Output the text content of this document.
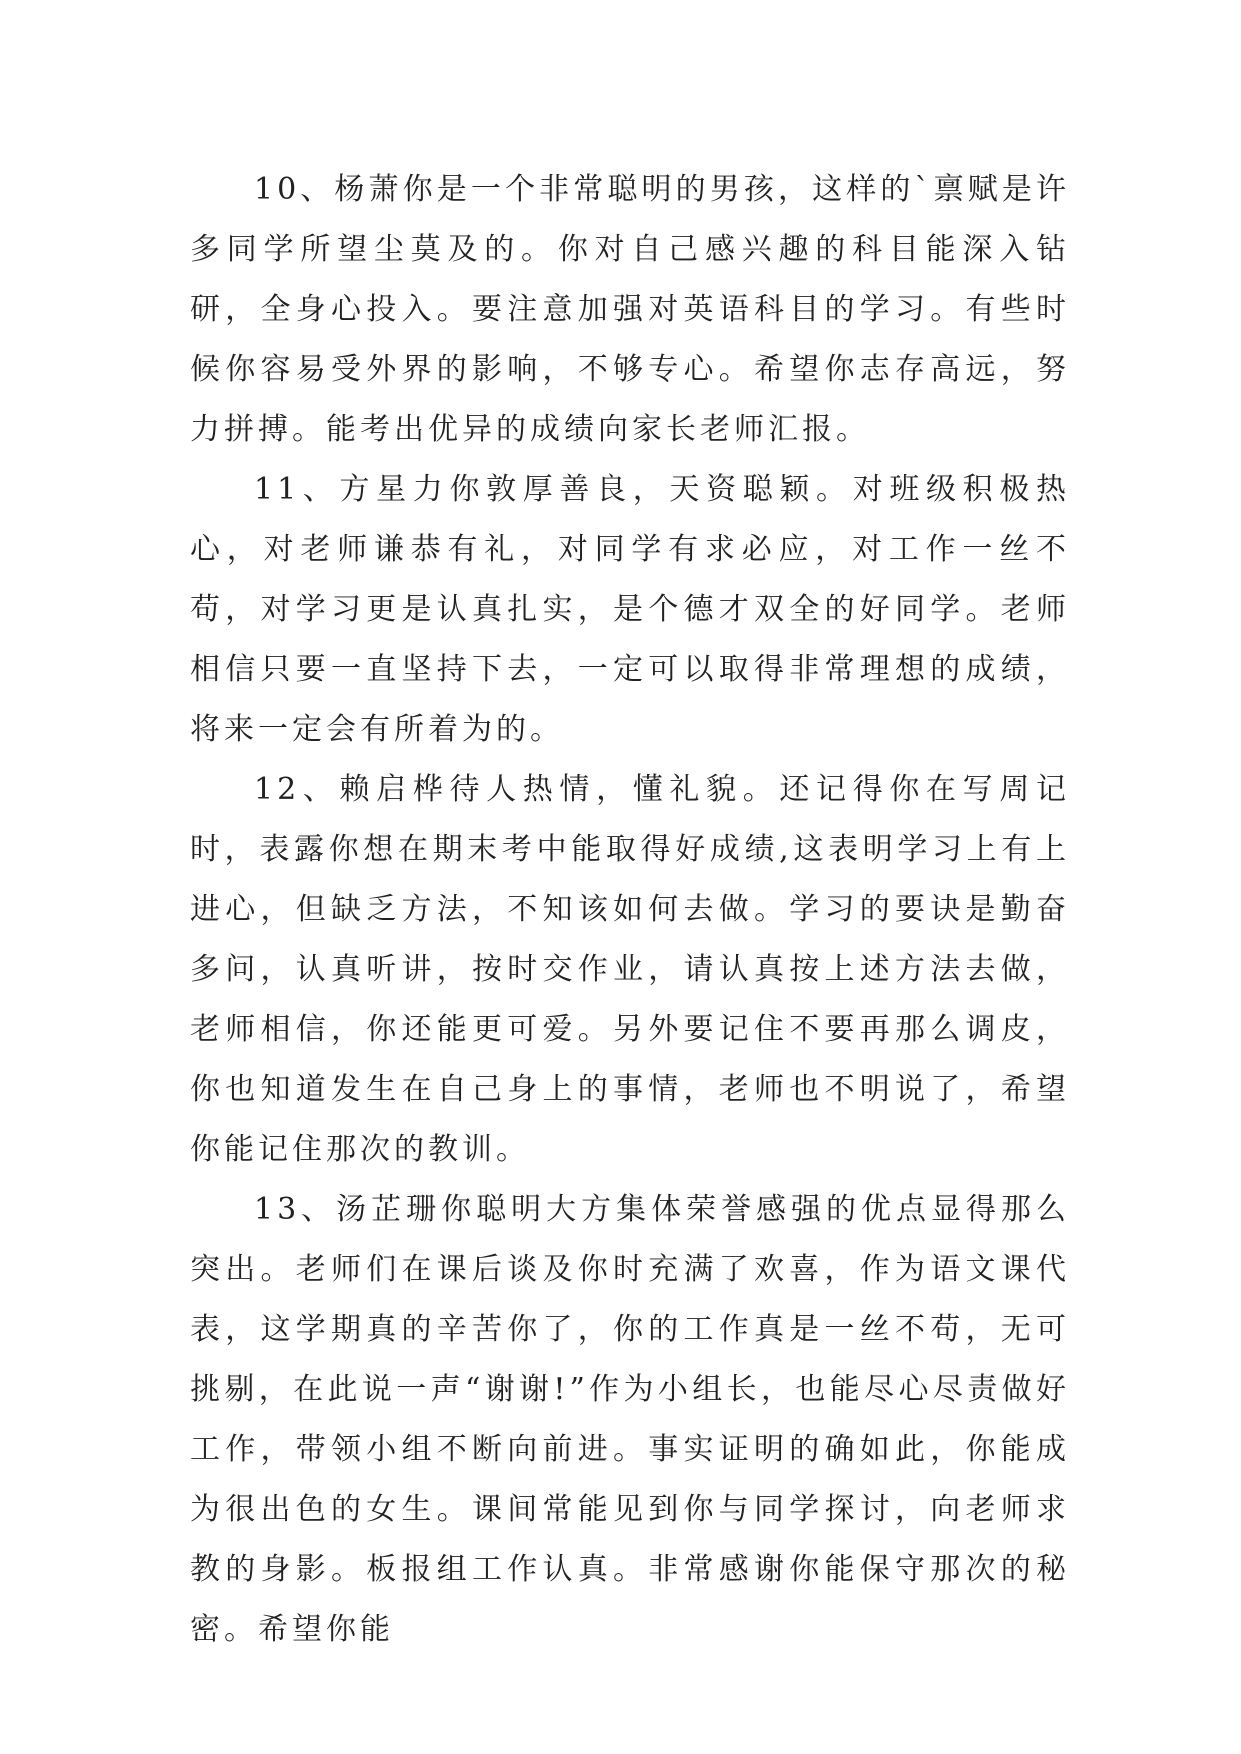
10、杨萧你是一个非常聪明的男孩，这样的`禀赋是许多同学所望尘莫及的。你对自己感兴趣的科目能深入钻研，全身心投入。要注意加强对英语科目的学习。有些时候你容易受外界的影响，不够专心。希望你志存高远，努力拼搏。能考出优异的成绩向家长老师汇报。

11、方星力你敦厚善良，天资聪颖。对班级积极热心，对老师谦恭有礼，对同学有求必应，对工作一丝不苟，对学习更是认真扎实，是个德才双全的好同学。老师相信只要一直坚持下去，一定可以取得非常理想的成绩，将来一定会有所着为的。

12、赖启桦待人热情，懂礼貌。还记得你在写周记时，表露你想在期末考中能取得好成绩,这表明学习上有上进心，但缺乏方法，不知该如何去做。学习的要诀是勤奋多问，认真听讲，按时交作业，请认真按上述方法去做，老师相信，你还能更可爱。另外要记住不要再那么调皮，你也知道发生在自己身上的事情，老师也不明说了，希望你能记住那次的教训。

13、汤芷珊你聪明大方集体荣誉感强的优点显得那么突出。老师们在课后谈及你时充满了欢喜，作为语文课代表，这学期真的辛苦你了，你的工作真是一丝不苟，无可挑剔，在此说一声“谢谢!”作为小组长，也能尽心尽责做好工作，带领小组不断向前进。事实证明的确如此，你能成为很出色的女生。课间常能见到你与同学探讨，向老师求教的身影。板报组工作认真。非常感谢你能保守那次的秘密。希望你能
